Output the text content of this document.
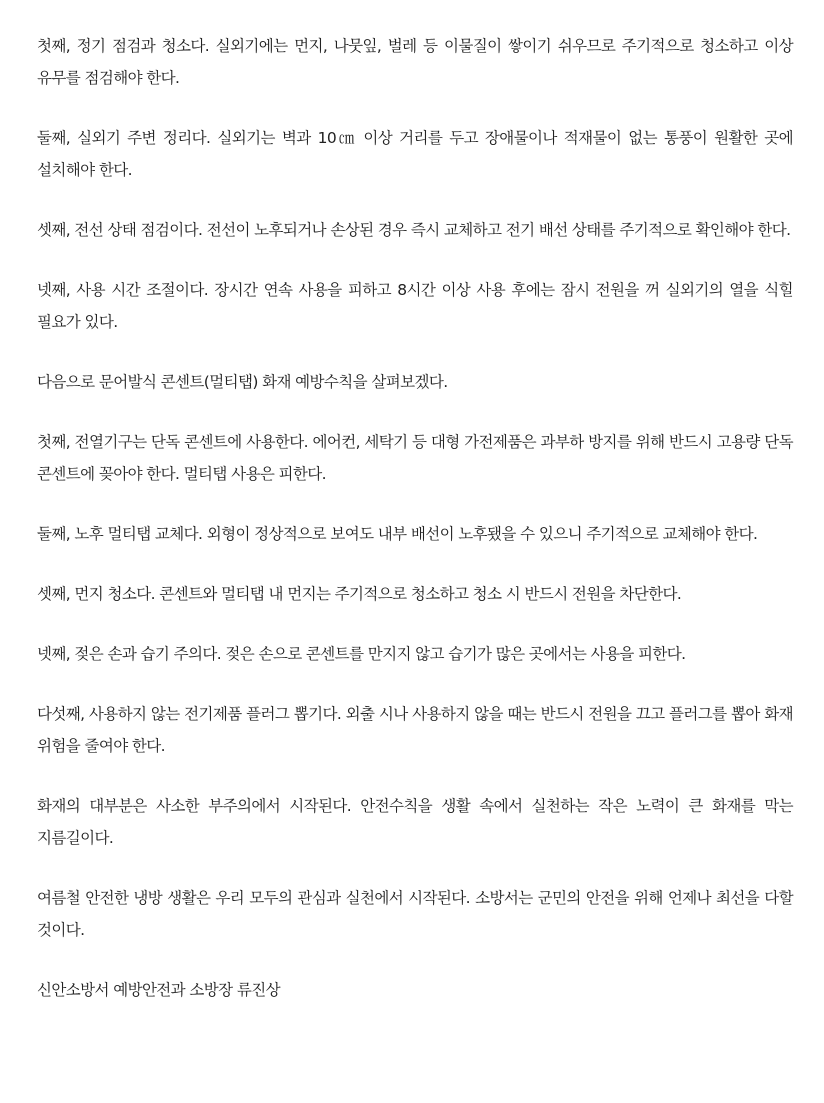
첫째, 정기 점검과 청소다. 실외기에는 먼지, 나뭇잎, 벌레 등 이물질이 쌓이기 쉬우므로 주기적으로 청소하고 이상 유무를 점검해야 한다.

둘째, 실외기 주변 정리다. 실외기는 벽과 10㎝ 이상 거리를 두고 장애물이나 적재물이 없는 통풍이 원활한 곳에 설치해야 한다.

셋째, 전선 상태 점검이다. 전선이 노후되거나 손상된 경우 즉시 교체하고 전기 배선 상태를 주기적으로 확인해야 한다.

넷째, 사용 시간 조절이다. 장시간 연속 사용을 피하고 8시간 이상 사용 후에는 잠시 전원을 꺼 실외기의 열을 식힐 필요가 있다.

다음으로 문어발식 콘센트(멀티탭) 화재 예방수칙을 살펴보겠다.

첫째, 전열기구는 단독 콘센트에 사용한다. 에어컨, 세탁기 등 대형 가전제품은 과부하 방지를 위해 반드시 고용량 단독 콘센트에 꽂아야 한다. 멀티탭 사용은 피한다.

둘째, 노후 멀티탭 교체다. 외형이 정상적으로 보여도 내부 배선이 노후됐을 수 있으니 주기적으로 교체해야 한다.

셋째, 먼지 청소다. 콘센트와 멀티탭 내 먼지는 주기적으로 청소하고 청소 시 반드시 전원을 차단한다.

넷째, 젖은 손과 습기 주의다. 젖은 손으로 콘센트를 만지지 않고 습기가 많은 곳에서는 사용을 피한다.

다섯째, 사용하지 않는 전기제품 플러그 뽑기다. 외출 시나 사용하지 않을 때는 반드시 전원을 끄고 플러그를 뽑아 화재 위험을 줄여야 한다.

화재의 대부분은 사소한 부주의에서 시작된다. 안전수칙을 생활 속에서 실천하는 작은 노력이 큰 화재를 막는 지름길이다.

여름철 안전한 냉방 생활은 우리 모두의 관심과 실천에서 시작된다. 소방서는 군민의 안전을 위해 언제나 최선을 다할 것이다.

신안소방서 예방안전과 소방장 류진상
